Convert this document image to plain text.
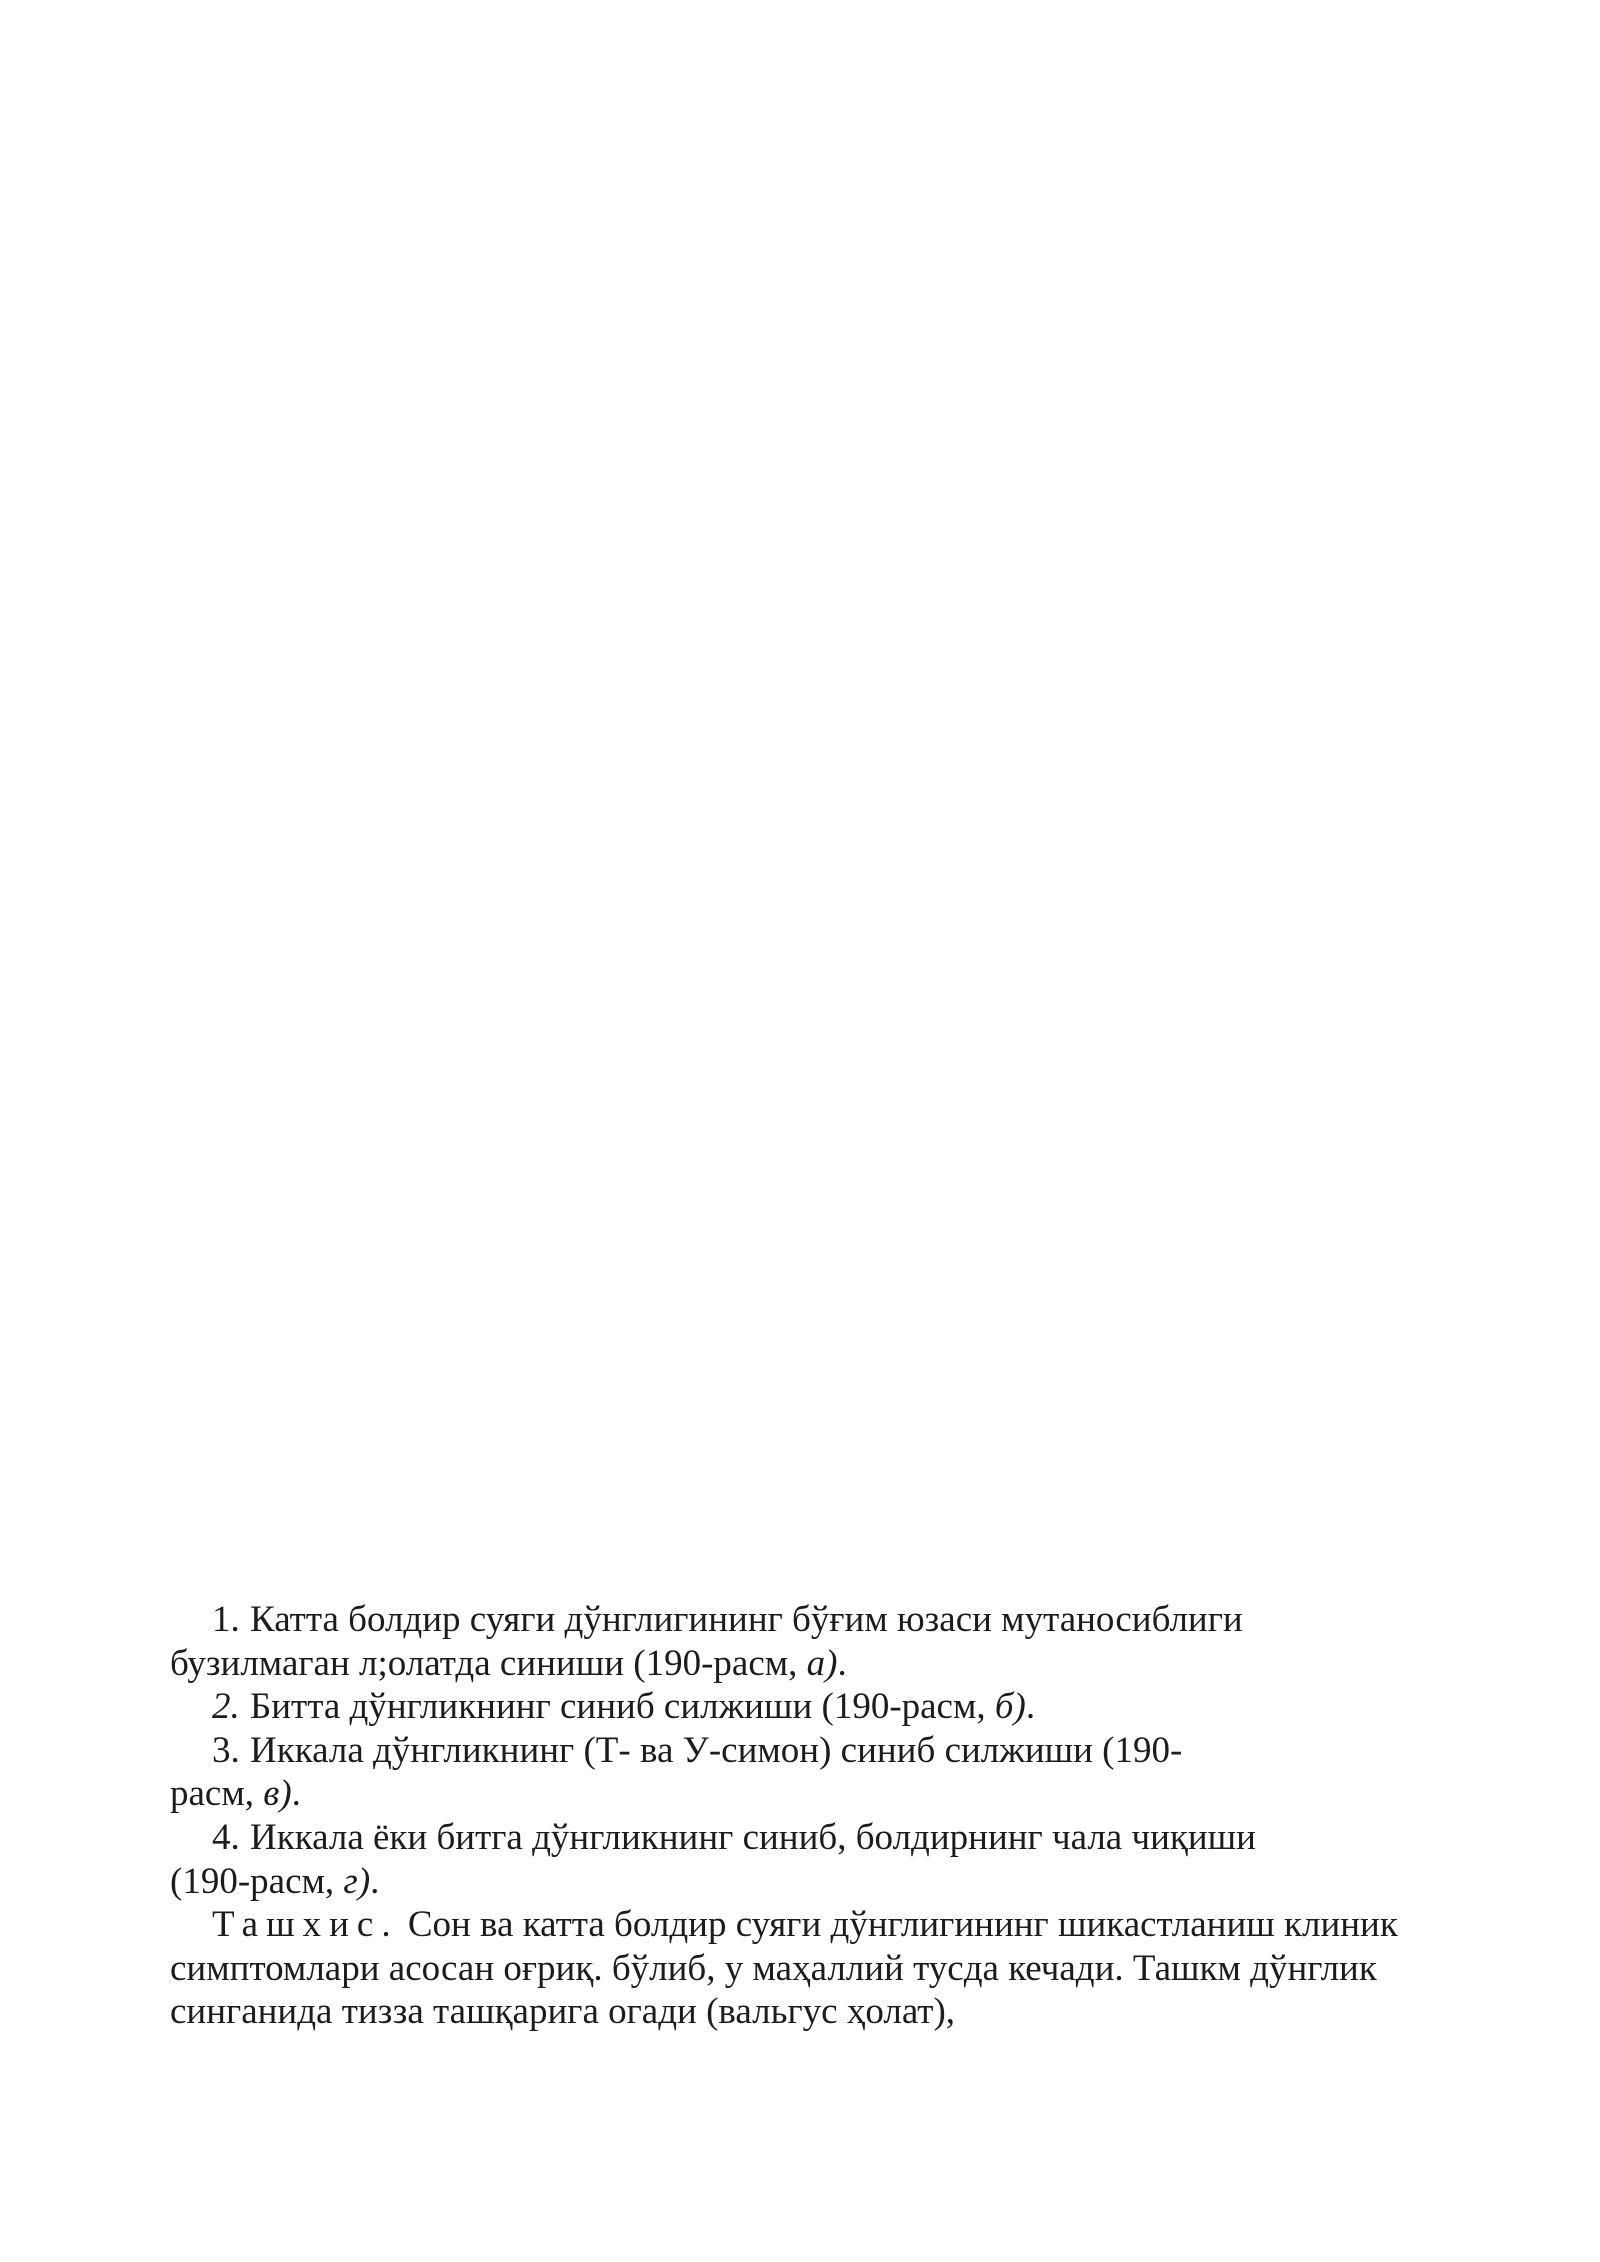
1. Катта болдир суяги дўнглигининг бўғим юзаси мутаносиблиги

бузилмаган л;олатда синиши (190-расм, а).

2. Битта дўнгликнинг синиб силжиши (190-расм, б).

3. Иккала дўнгликнинг (Т- ва У-симон) синиб силжиши (190-

расм, в).

4. Иккала ёки битга дўнгликнинг синиб, болдирнинг чала чиқиши

(190-расм, г).

Ташхис. Сон ва катта болдир суяги дўнглигининг шикастланиш клиник

симптомлари асосан оғриқ. бўлиб, у маҳаллий тусда кечади. Ташкм дўнглик

синганида тизза ташқарига огади (вальгус ҳолат),
